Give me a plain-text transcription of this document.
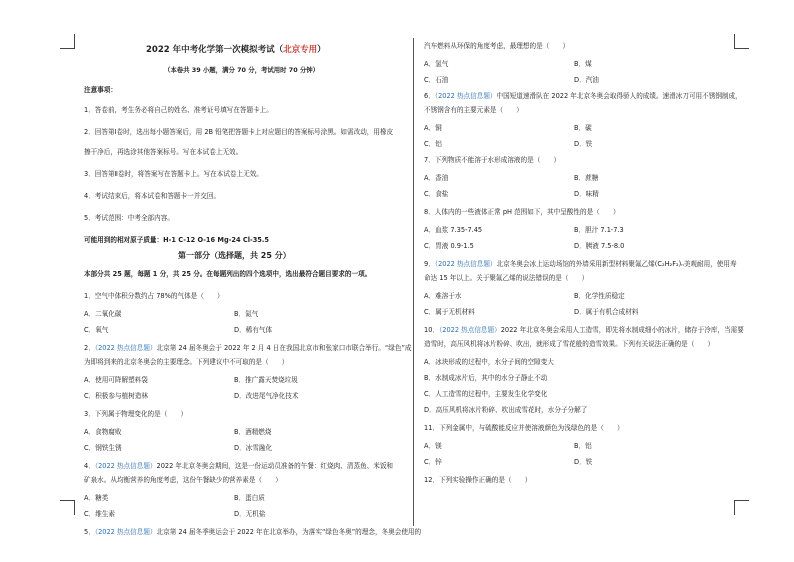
2022 年中考化学第一次模拟考试（北京专用）
（本卷共 39 小题，满分 70 分，考试用时 70 分钟）
注意事项：
1．答卷前，考生务必将自己的姓名、准考证号填写在答题卡上。
2．回答第Ⅰ卷时，选出每小题答案后，用 2B 铅笔把答题卡上对应题目的答案标号涂黑。如需改动，用橡皮
擦干净后，再选涂其他答案标号。写在本试卷上无效。
3．回答第Ⅱ卷时，将答案写在答题卡上。写在本试卷上无效。
4．考试结束后，将本试卷和答题卡一并交回。
5．考试范围：中考全部内容。
可能用到的相对原子质量：H-1 C-12 O-16 Mg-24 Cl-35.5
第一部分（选择题，共 25 分）
本部分共 25 题，每题 1 分，共 25 分。在每题列出的四个选项中，选出最符合题目要求的一项。
1．空气中体积分数约占 78%的气体是（　　）
A．二氧化碳	B．氮气
C．氧气	D．稀有气体
2．（2022 热点信息题）北京第 24 届冬奥会于 2022 年 2 月 4 日在我国北京市和张家口市联合举行。“绿色”成
为即将到来的北京冬奥会的主要理念。下列建议中不可取的是（　　）
A．使用可降解塑料袋	B．推广露天焚烧垃圾
C．积极参与植树造林	D．改进尾气净化技术
3．下列属于物理变化的是（　　）
A．食物腐败	B．酒精燃烧
C．钢铁生锈	D．冰雪融化
4．（2022 热点信息题）2022 年北京冬奥会期间，这是一份运动员准备的午餐：红烧肉、清蒸鱼、米饭和
矿泉水。从均衡营养的角度考虑，这份午餐缺少的营养素是（　　）
A．糖类	B．蛋白质
C．维生素	D．无机盐
5．（2022 热点信息题）北京第 24 届冬季奥运会于 2022 年在北京举办，为落实“绿色冬奥”的理念，冬奥会使用的
汽车燃料从环保的角度考虑，最理想的是（　　）
A．氢气	B．煤
C．石油	D．汽油
6．（2022 热点信息题）中国短道速滑队在 2022 年北京冬奥会取得骄人的成绩。速滑冰刀可用不锈钢制成，
不锈钢含有的主要元素是（　　）
A．铜	B．碳
C．铝	D．铁
7．下列物质不能溶于水形成溶液的是（　　）
A．香油	B．蔗糖
C．食盐	D．味精
8．人体内的一些液体正常 pH 范围如下，其中呈酸性的是（　　）
A．血浆 7.35-7.45	B．胆汁 7.1-7.3
C．胃液 0.9-1.5	D．胰液 7.5-8.0
9．（2022 热点信息题）北京冬奥会冰上运动场馆的外墙采用新型材料聚氟乙烯(C₂H₂F₂)ₙ美观耐用，使用寿
命达 15 年以上。关于聚氟乙烯的说法错误的是（　　）
A．难溶于水	B．化学性质稳定
C．属于无机材料	D．属于有机合成材料
10．（2022 热点信息题）2022 年北京冬奥会采用人工造雪，即先将水制成细小的冰片，储存于冷库，当需要
造雪时，高压风机将冰片粉碎、吹出，就形成了雪花般的造雪效果。下列有关说法正确的是（　　）
A．冰块形成的过程中，水分子间的空隙变大
B．水制成冰片后，其中的水分子静止不动
C．人工造雪的过程中，主要发生化学变化
D．高压风机将冰片粉碎、吹出成雪花时，水分子分解了
11．下列金属中，与硫酸能反应并使溶液颜色为浅绿色的是（　　）
A．镁	B．铝
C．锌	D．铁
12．下列实验操作正确的是（　　）
